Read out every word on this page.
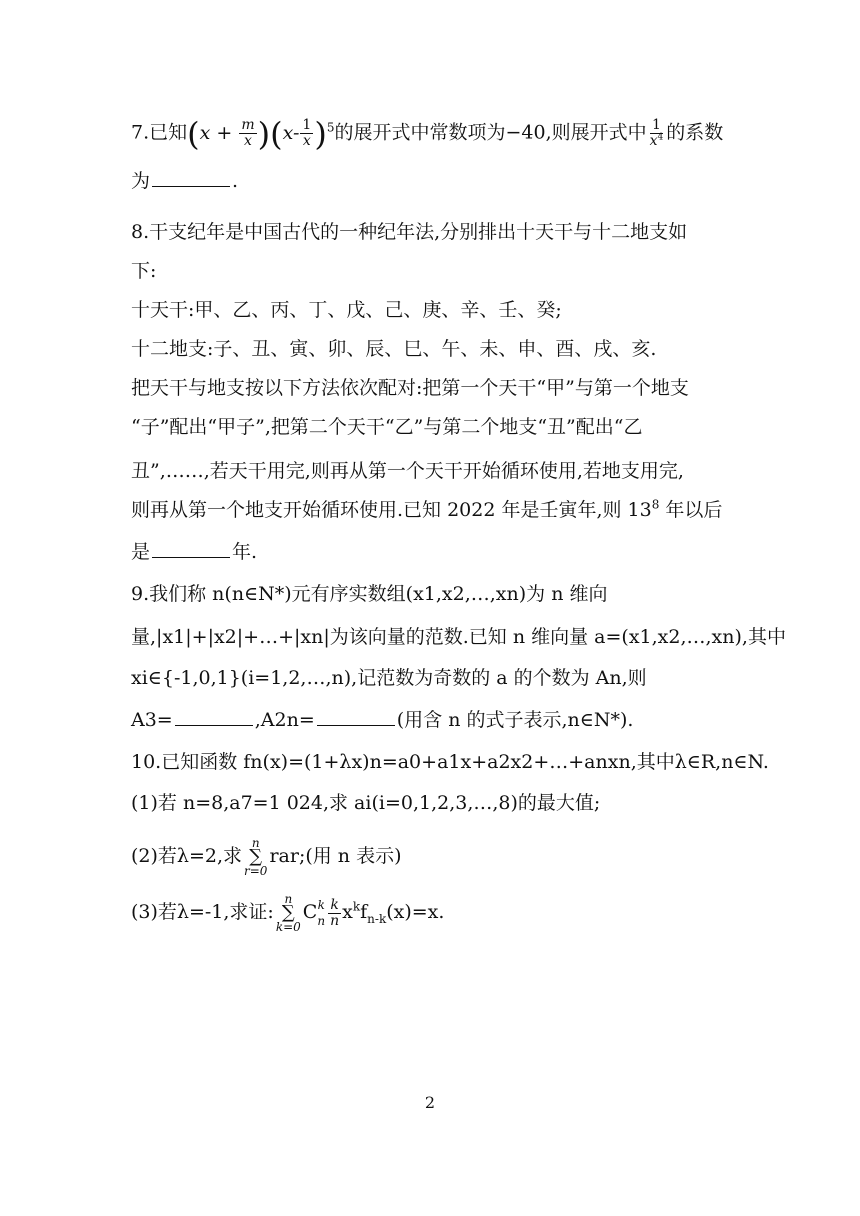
7.已知$(x + \frac{m}{x} )(x- \frac{1}{x} )^5$的展开式中常数项为−40,则展开式中 $\frac{1}{x^4}$ 的系数
为	.
8.干支纪年是中国古代的一种纪年法,分别排出十天干与十二地支如
下:
十天干:甲、乙、丙、丁、戊、己、庚、辛、壬、癸;
十二地支:子、丑、寅、卯、辰、巳、午、未、申、酉、戌、亥.
把天干与地支按以下方法依次配对:把第一个天干“甲”与第一个地支
“子”配出“甲子”,把第二个天干“乙”与第二个地支“丑”配出“乙
丑”,……,若天干用完,则再从第一个天干开始循环使用,若地支用完,
则再从第一个地支开始循环使用.已知 2022 年是壬寅年,则 $13^8$ 年以后
是	年.
9.我们称 n(n∈N*)元有序实数组(x1,x2,…,xn)为 n 维向
量,|x1|+|x2|+…+|xn|为该向量的范数.已知 n 维向量 a=(x1,x2,…,xn),其中
xi∈{-1,0,1}(i=1,2,…,n),记范数为奇数的 a 的个数为 An,则
A3=	,A2n=	(用含 n 的式子表示,n∈N*).
10.已知函数 fn(x)=(1+λx)n=a0+a1x+a2x2+…+anxn,其中λ∈R,n∈N.
(1)若 n=8,a7=1 024,求 ai(i=0,1,2,3,…,8)的最大值;
(2)若λ=2,求
n
∑
r=0
rar;(用 n 表示)
(3)若λ=-1,求证:
n
∑
k=0
C k
n $\frac{k}{n} x^kf_{n-k}(x)=x$.
2
